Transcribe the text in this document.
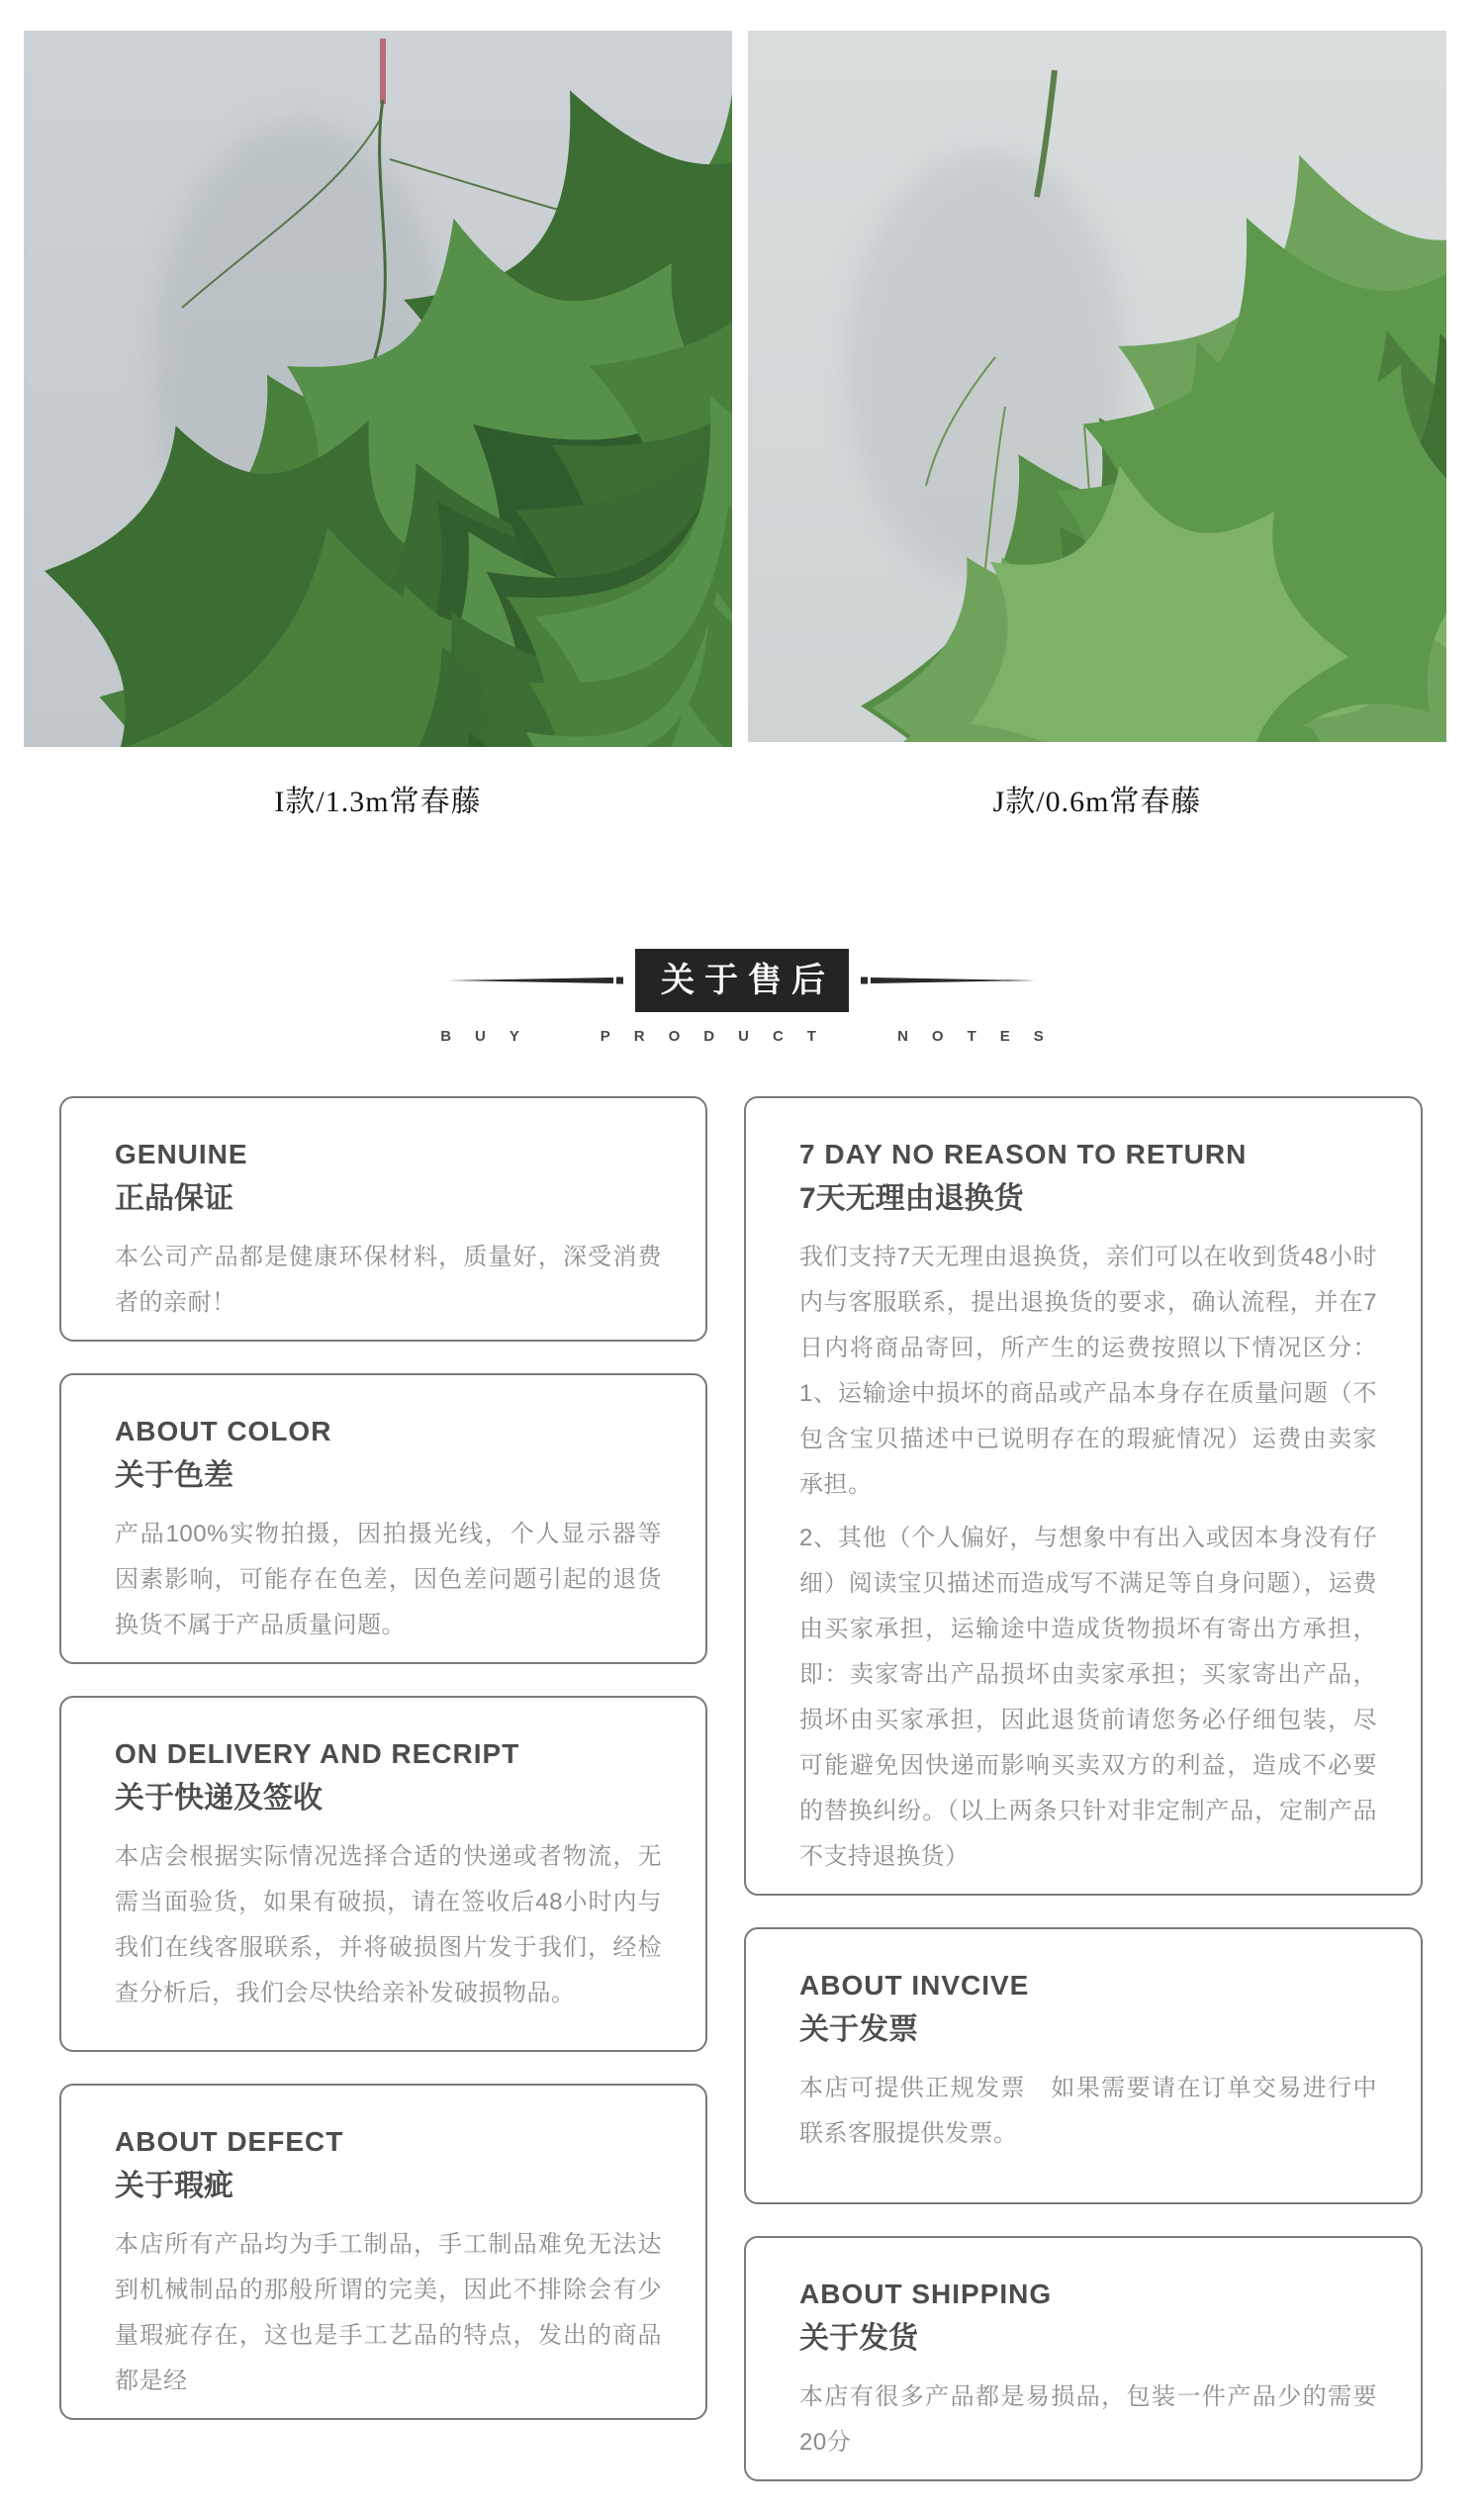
I款/1.3m常春藤	J款/0.6m常春藤
关于售后
BUY PRODUCT NOTES
GENUINE
正品保证
本公司产品都是健康环保材料，质量好，深受消费者的亲耐！
ABOUT COLOR
关于色差
产品100%实物拍摄，因拍摄光线，个人显示器等因素影响，可能存在色差，因色差问题引起的退货换货不属于产品质量问题。
ON DELIVERY AND RECRIPT
关于快递及签收
本店会根据实际情况选择合适的快递或者物流，无需当面验货，如果有破损，请在签收后48小时内与我们在线客服联系，并将破损图片发于我们，经检查分析后，我们会尽快给亲补发破损物品。
ABOUT DEFECT
关于瑕疵
本店所有产品均为手工制品，手工制品难免无法达到机械制品的那般所谓的完美，因此不排除会有少量瑕疵存在，这也是手工艺品的特点，发出的商品都是经
7 DAY NO REASON TO RETURN
7天无理由退换货
我们支持7天无理由退换货，亲们可以在收到货48小时内与客服联系，提出退换货的要求，确认流程，并在7日内将商品寄回，所产生的运费按照以下情况区分：1、运输途中损坏的商品或产品本身存在质量问题（不包含宝贝描述中已说明存在的瑕疵情况）运费由卖家承担。
2、其他（个人偏好，与想象中有出入或因本身没有仔细）阅读宝贝描述而造成写不满足等自身问题），运费由买家承担，运输途中造成货物损坏有寄出方承担，即：卖家寄出产品损坏由卖家承担；买家寄出产品，损坏由买家承担，因此退货前请您务必仔细包装，尽可能避免因快递而影响买卖双方的利益，造成不必要的替换纠纷。（以上两条只针对非定制产品，定制产品不支持退换货）
ABOUT INVCIVE
关于发票
本店可提供正规发票　如果需要请在订单交易进行中联系客服提供发票。
ABOUT SHIPPING
关于发货
本店有很多产品都是易损品，包装一件产品少的需要20分
